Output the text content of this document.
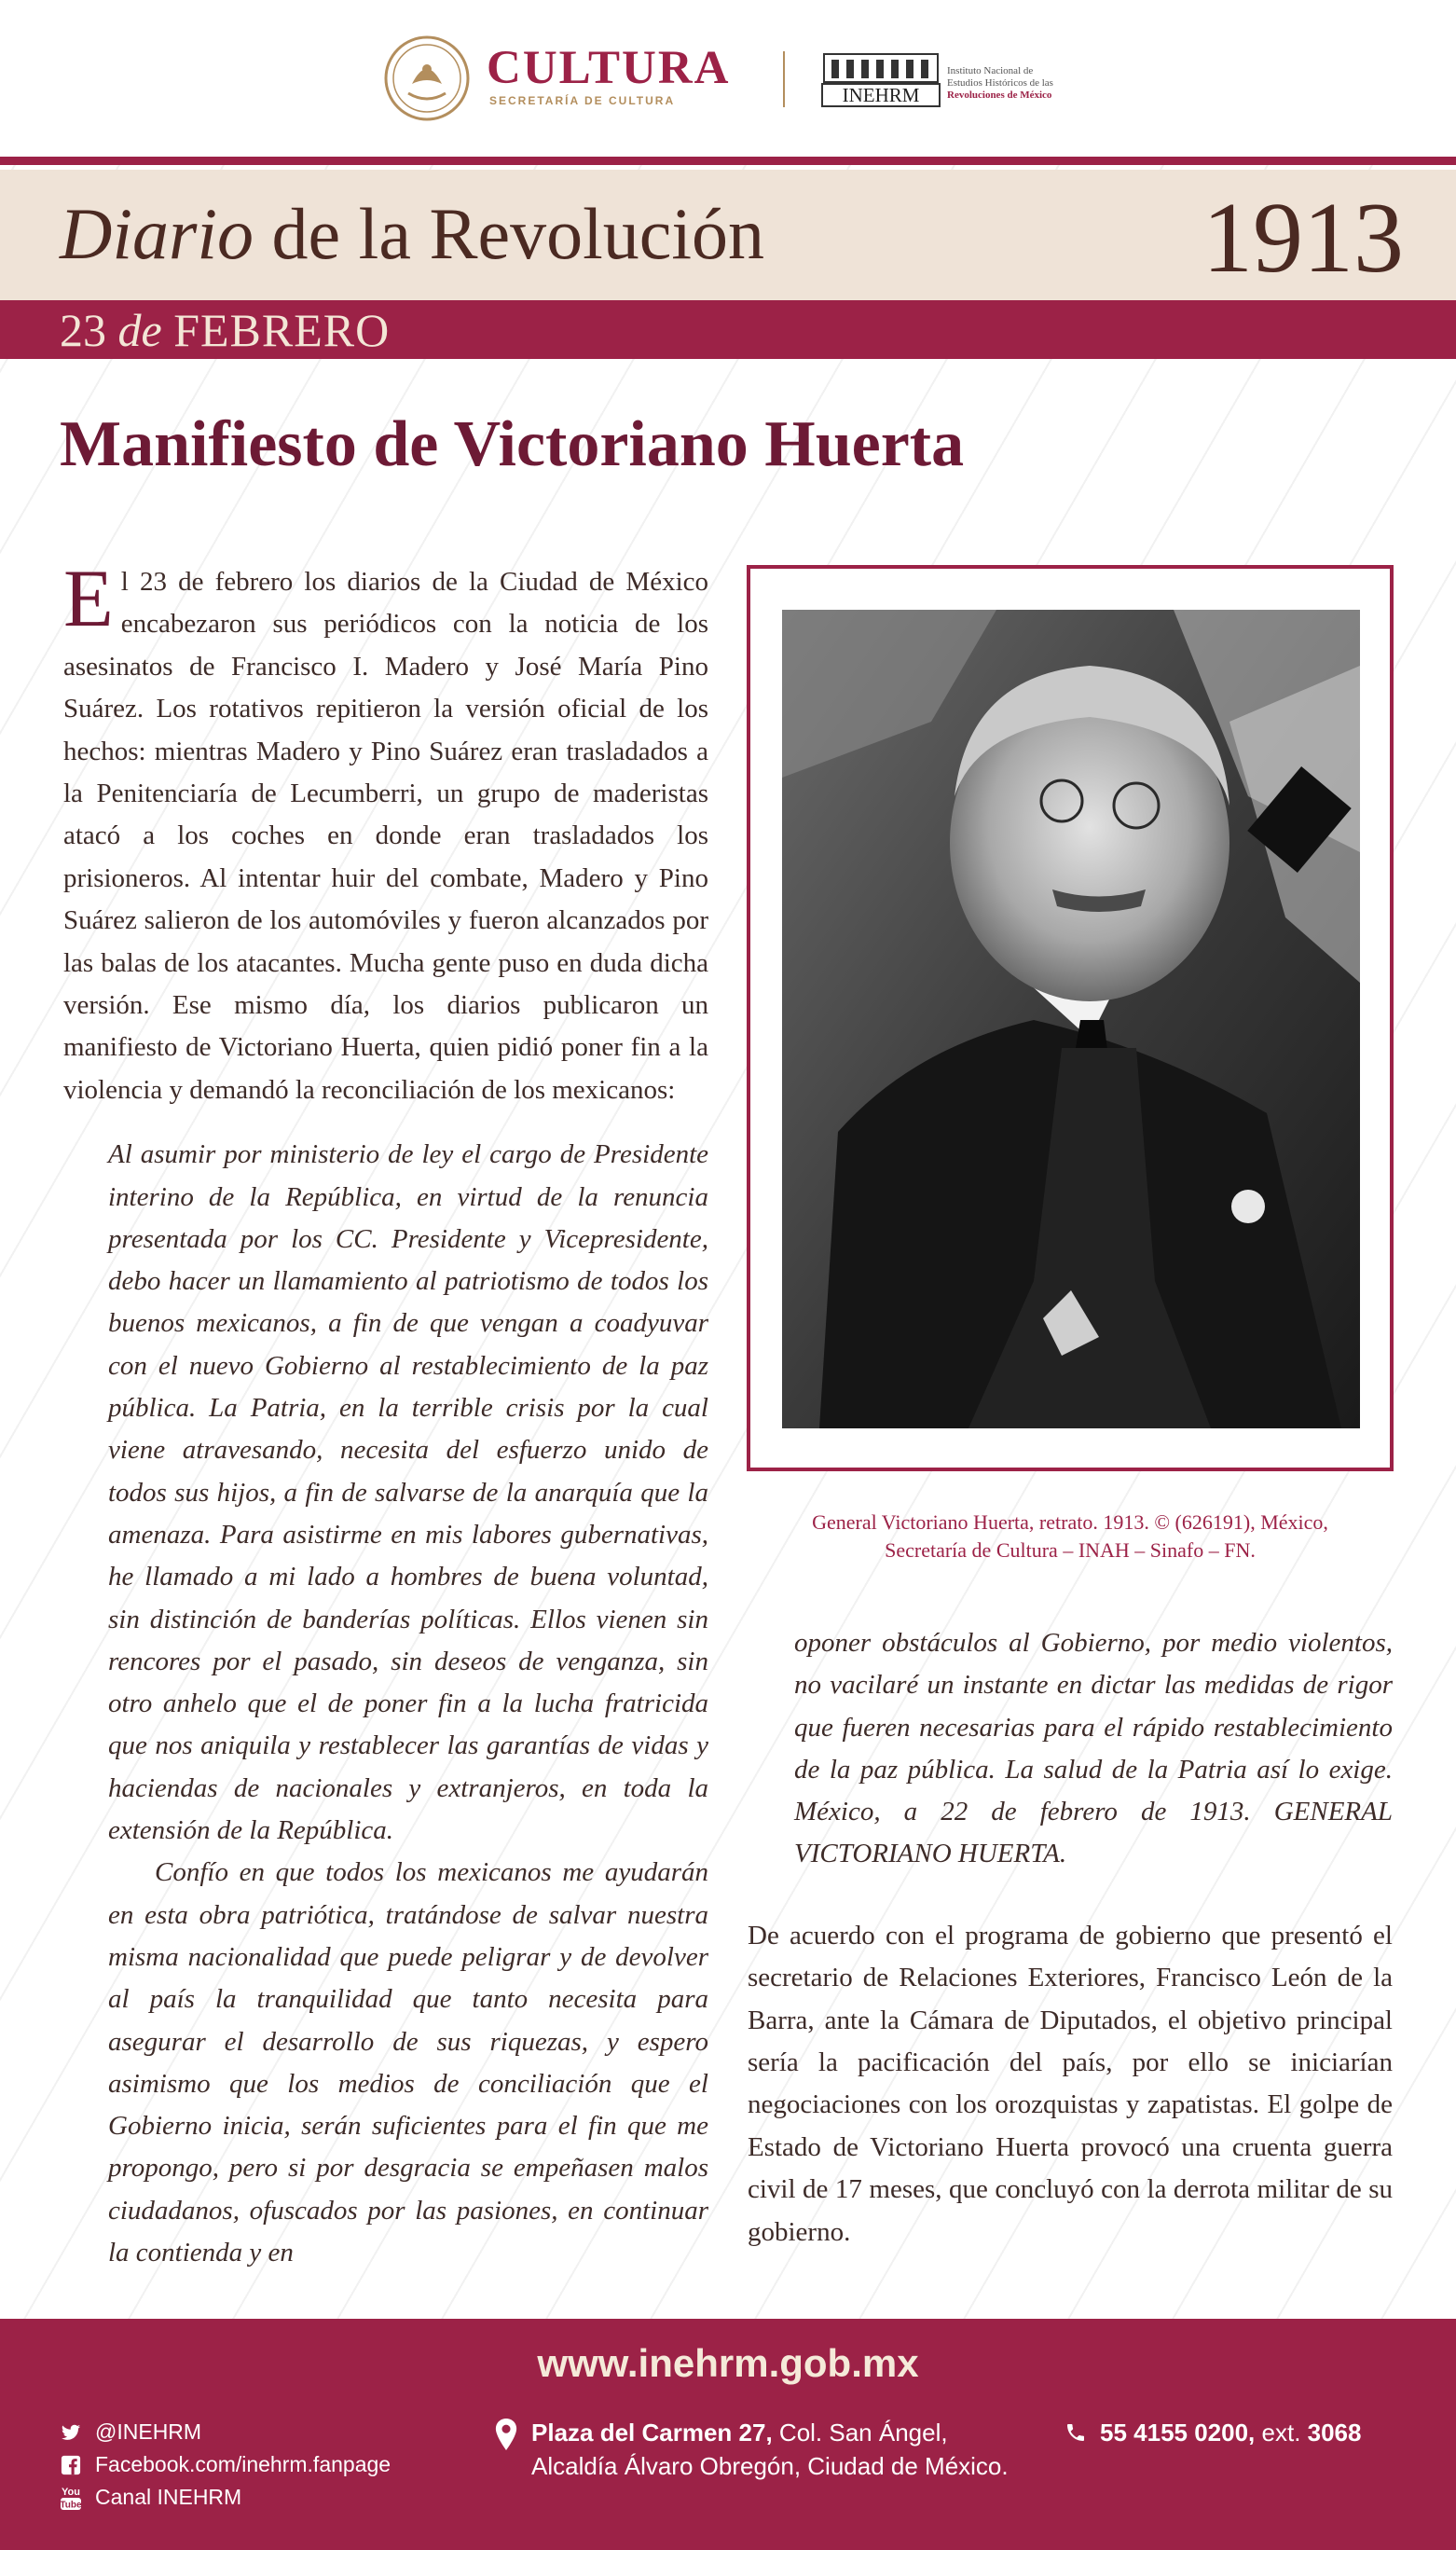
CULTURA
SECRETARÍA DE CULTURA	INEHRM
Instituto Nacional de
Estudios Históricos de las
Revoluciones de México
Diario de la Revolución	1913
23 de FEBRERO
Manifiesto de Victoriano Huerta

El 23 de febrero los diarios de la Ciudad de México encabezaron sus periódicos con la noticia de los asesinatos de Francisco I. Madero y José María Pino Suárez. Los rotativos repitieron la versión oficial de los hechos: mientras Madero y Pino Suárez eran trasladados a la Penitenciaría de Lecumberri, un grupo de maderistas atacó a los coches en donde eran trasladados los prisioneros. Al intentar huir del combate, Madero y Pino Suárez salieron de los automóviles y fueron alcanzados por las balas de los atacantes. Mucha gente puso en duda dicha versión. Ese mismo día, los diarios publicaron un manifiesto de Victoriano Huerta, quien pidió poner fin a la violencia y demandó la reconciliación de los mexicanos:

Al asumir por ministerio de ley el cargo de Presidente interino de la República, en virtud de la renuncia presentada por los CC. Presidente y Vicepresidente, debo hacer un llamamiento al patriotismo de todos los buenos mexicanos, a fin de que vengan a coadyuvar con el nuevo Gobierno al restablecimiento de la paz pública. La Patria, en la terrible crisis por la cual viene atravesando, necesita del esfuerzo unido de todos sus hijos, a fin de salvarse de la anarquía que la amenaza. Para asistirme en mis labores gubernativas, he llamado a mi lado a hombres de buena voluntad, sin distinción de banderías políticas. Ellos vienen sin rencores por el pasado, sin deseos de venganza, sin otro anhelo que el de poner fin a la lucha fratricida que nos aniquila y restablecer las garantías de vidas y haciendas de nacionales y extranjeros, en toda la extensión de la República.

Confío en que todos los mexicanos me ayudarán en esta obra patriótica, tratándose de salvar nuestra misma nacionalidad que puede peligrar y de devolver al país la tranquilidad que tanto necesita para asegurar el desarrollo de sus riquezas, y espero asimismo que los medios de conciliación que el Gobierno inicia, serán suficientes para el fin que me propongo, pero si por desgracia se empeñasen malos ciudadanos, ofuscados por las pasiones, en continuar la contienda y en

General Victoriano Huerta, retrato. 1913. © (626191), México,
Secretaría de Cultura – INAH – Sinafo – FN.

oponer obstáculos al Gobierno, por medio violentos, no vacilaré un instante en dictar las medidas de rigor que fueren necesarias para el rápido restablecimiento de la paz pública. La salud de la Patria así lo exige. México, a 22 de febrero de 1913. GENERAL VICTORIANO HUERTA.

De acuerdo con el programa de gobierno que presentó el secretario de Relaciones Exteriores, Francisco León de la Barra, ante la Cámara de Diputados, el objetivo principal sería la pacificación del país, por ello se iniciarían negociaciones con los orozquistas y zapatistas. El golpe de Estado de Victoriano Huerta provocó una cruenta guerra civil de 17 meses, que concluyó con la derrota militar de su gobierno.

www.inehrm.gob.mx
@INEHRM
Facebook.com/inehrm.fanpage
You
Tube Canal INEHRM
Plaza del Carmen 27, Col. San Ángel,
Alcaldía Álvaro Obregón, Ciudad de México.
55 4155 0200, ext. 3068
